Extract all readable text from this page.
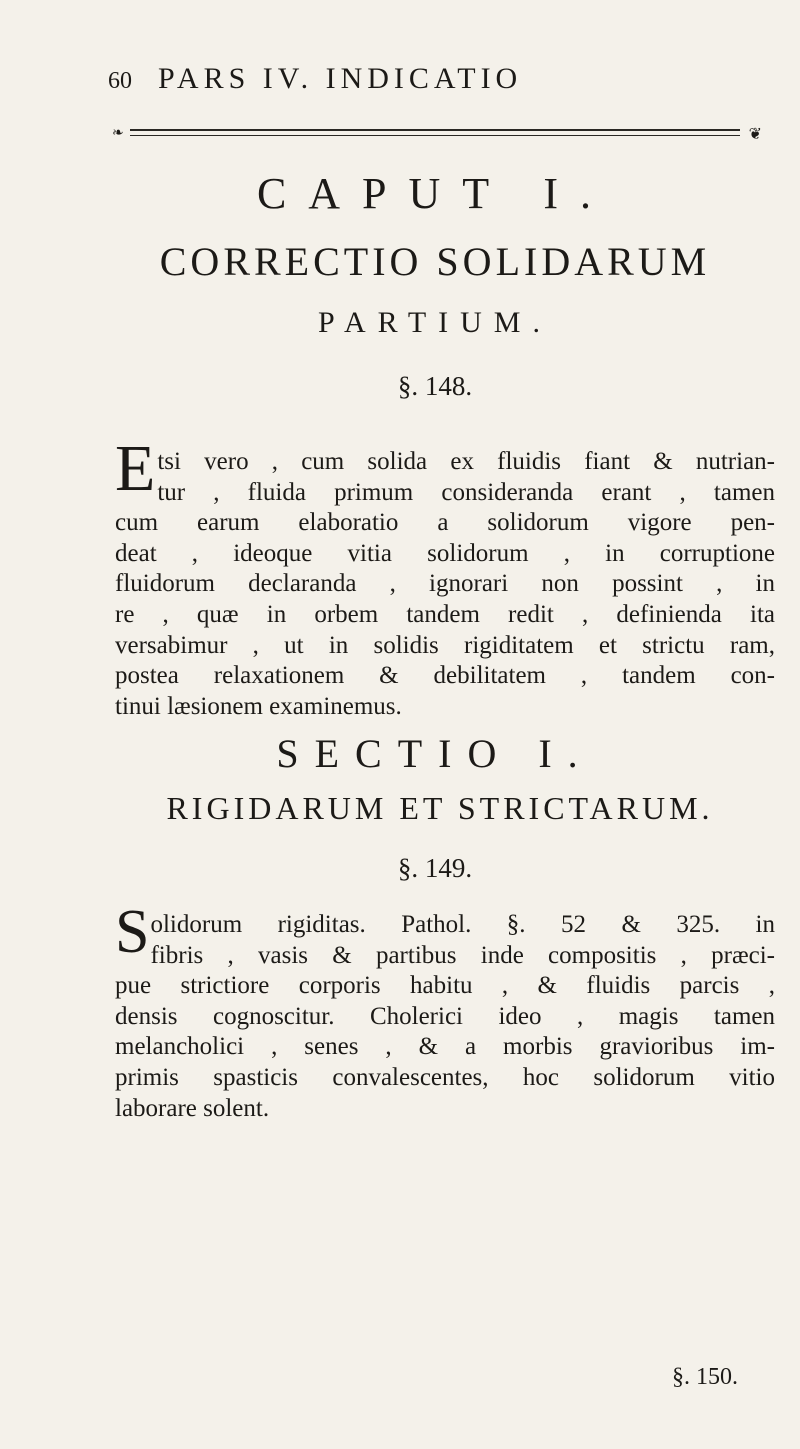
60 PARS IV. INDICATIO
❧	❦
CAPUT I.
CORRECTIO SOLIDARUM
PARTIUM.
§. 148.
E tsi vero , cum solida ex fluidis fiant & nutrian-
tur , fluida primum consideranda erant , tamen
cum earum elaboratio a solidorum vigore pen-
deat , ideoque vitia solidorum , in corruptione
fluidorum declaranda , ignorari non possint , in
re , quæ in orbem tandem redit , definienda ita
versabimur , ut in solidis rigiditatem et strictu ram,
postea relaxationem & debilitatem , tandem con-
tinui læsionem examinemus.
SECTIO I.
RIGIDARUM ET STRICTARUM.
§. 149.
S olidorum rigiditas. Pathol. §. 52 & 325. in
fibris , vasis & partibus inde compositis , præci-
pue strictiore corporis habitu , & fluidis parcis ,
densis cognoscitur. Cholerici ideo , magis tamen
melancholici , senes , & a morbis gravioribus im-
primis spasticis convalescentes, hoc solidorum vitio
laborare solent.
§. 150.
